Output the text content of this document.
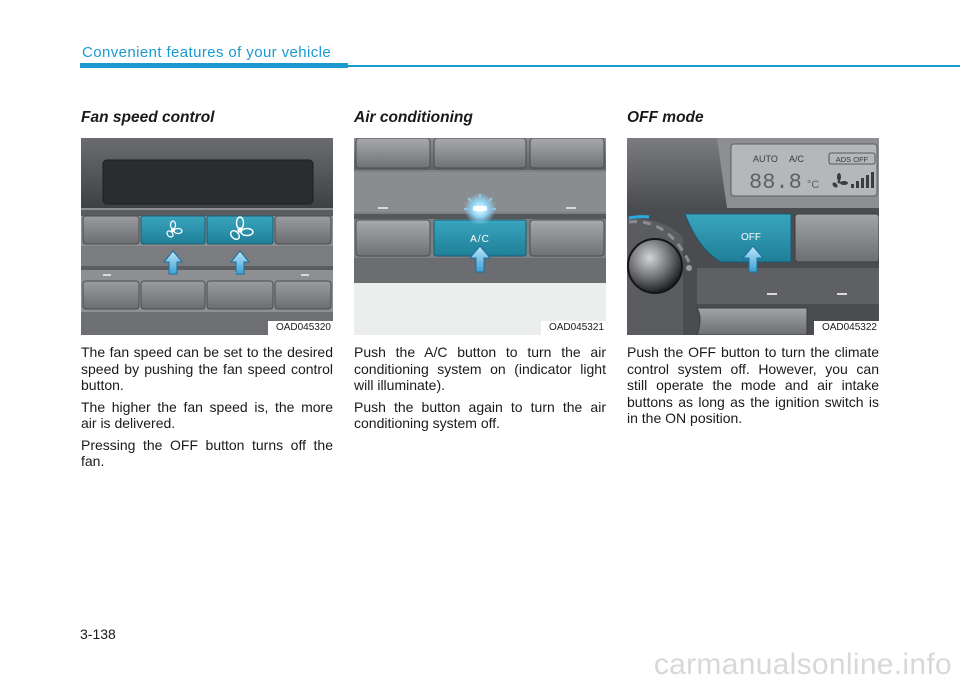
Convenient features of your vehicle
Fan speed control
OAD045320

The fan speed can be set to the desired speed by pushing the fan speed control button.

The higher the fan speed is, the more air is delivered.

Pressing the OFF button turns off the fan.

Air conditioning
A/C
OAD045321

Push the A/C button to turn the air conditioning system on (indicator light will illuminate).

Push the button again to turn the air conditioning system off.

OFF mode
AUTO A/C	ADS OFF
88.8 °C
OFF
OAD045322

Push the OFF button to turn the climate control system off. However, you can still operate the mode and air intake buttons as long as the ignition switch is in the ON position.

3-138
carmanualsonline.info
